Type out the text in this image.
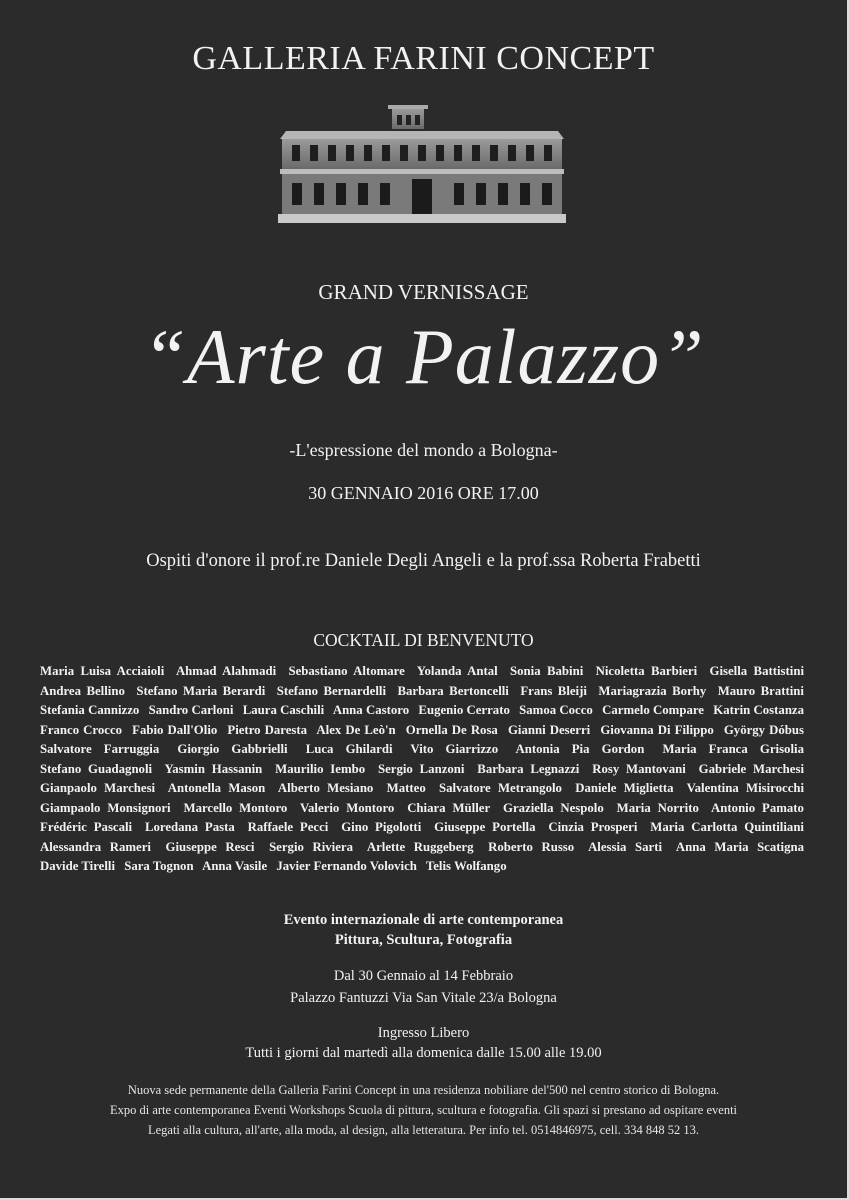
GALLERIA FARINI CONCEPT
GRAND VERNISSAGE
“Arte a Palazzo”
-L'espressione del mondo a Bologna-
30 GENNAIO 2016 ORE 17.00
Ospiti d'onore il prof.re Daniele Degli Angeli e la prof.ssa Roberta Frabetti
COCKTAIL DI BENVENUTO
Maria Luisa Acciaioli Ahmad Alahmadi Sebastiano Altomare Yolanda Antal Sonia Babini Nicoletta Barbieri Gisella Battistini Andrea Bellino Stefano Maria Berardi Stefano Bernardelli Barbara Bertoncelli Frans Bleiji Mariagrazia Borhy Mauro Brattini Stefania Cannizzo Sandro Carloni Laura Caschili Anna Castoro Eugenio Cerrato Samoa Cocco Carmelo Compare Katrin Costanza Franco Crocco Fabio Dall'Olio Pietro Daresta Alex De Leò'n Ornella De Rosa Gianni Deserri Giovanna Di Filippo György Dóbus Salvatore Farruggia Giorgio Gabbrielli Luca Ghilardi Vito Giarrizzo Antonia Pia Gordon Maria Franca Grisolia Stefano Guadagnoli Yasmin Hassanin Maurilio Iembo Sergio Lanzoni Barbara Legnazzi Rosy Mantovani Gabriele Marchesi Gianpaolo Marchesi Antonella Mason Alberto Mesiano Matteo Salvatore Metrangolo Daniele Miglietta Valentina Misirocchi Giampaolo Monsignori Marcello Montoro Valerio Montoro Chiara Müller Graziella Nespolo Maria Norrito Antonio Pamato Frédéric Pascali Loredana Pasta Raffaele Pecci Gino Pigolotti Giuseppe Portella Cinzia Prosperi Maria Carlotta Quintiliani Alessandra Rameri Giuseppe Resci Sergio Riviera Arlette Ruggeberg Roberto Russo Alessia Sarti Anna Maria Scatigna Davide Tirelli Sara Tognon Anna Vasile Javier Fernando Volovich Telis Wolfango
Evento internazionale di arte contemporanea
Pittura, Scultura, Fotografia
Dal 30 Gennaio al 14 Febbraio
Palazzo Fantuzzi Via San Vitale 23/a Bologna
Ingresso Libero
Tutti i giorni dal martedì alla domenica dalle 15.00 alle 19.00
Nuova sede permanente della Galleria Farini Concept in una residenza nobiliare del'500 nel centro storico di Bologna.
Expo di arte contemporanea Eventi Workshops Scuola di pittura, scultura e fotografia. Gli spazi si prestano ad ospitare eventi
Legati alla cultura, all'arte, alla moda, al design, alla letteratura. Per info tel. 0514846975, cell. 334 848 52 13.
